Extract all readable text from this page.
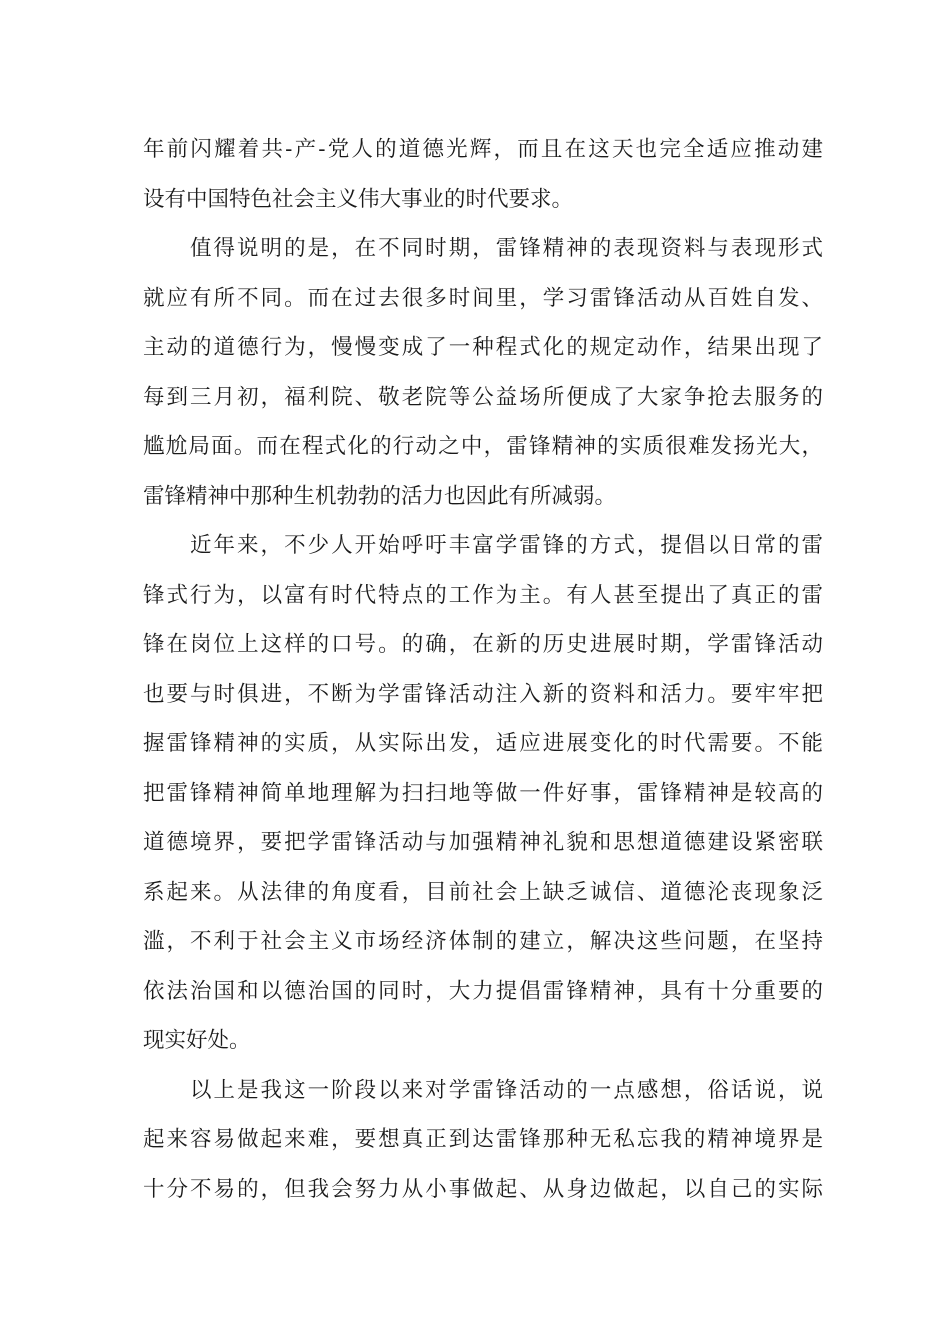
年前闪耀着共-产-党人的道德光辉，而且在这天也完全适应推动建
设有中国特色社会主义伟大事业的时代要求。
值得说明的是，在不同时期，雷锋精神的表现资料与表现形式
就应有所不同。而在过去很多时间里，学习雷锋活动从百姓自发、
主动的道德行为，慢慢变成了一种程式化的规定动作，结果出现了
每到三月初，福利院、敬老院等公益场所便成了大家争抢去服务的
尴尬局面。而在程式化的行动之中，雷锋精神的实质很难发扬光大，
雷锋精神中那种生机勃勃的活力也因此有所减弱。
近年来，不少人开始呼吁丰富学雷锋的方式，提倡以日常的雷
锋式行为，以富有时代特点的工作为主。有人甚至提出了真正的雷
锋在岗位上这样的口号。的确，在新的历史进展时期，学雷锋活动
也要与时俱进，不断为学雷锋活动注入新的资料和活力。要牢牢把
握雷锋精神的实质，从实际出发，适应进展变化的时代需要。不能
把雷锋精神简单地理解为扫扫地等做一件好事，雷锋精神是较高的
道德境界，要把学雷锋活动与加强精神礼貌和思想道德建设紧密联
系起来。从法律的角度看，目前社会上缺乏诚信、道德沦丧现象泛
滥，不利于社会主义市场经济体制的建立，解决这些问题，在坚持
依法治国和以德治国的同时，大力提倡雷锋精神，具有十分重要的
现实好处。
以上是我这一阶段以来对学雷锋活动的一点感想，俗话说，说
起来容易做起来难，要想真正到达雷锋那种无私忘我的精神境界是
十分不易的，但我会努力从小事做起、从身边做起，以自己的实际
